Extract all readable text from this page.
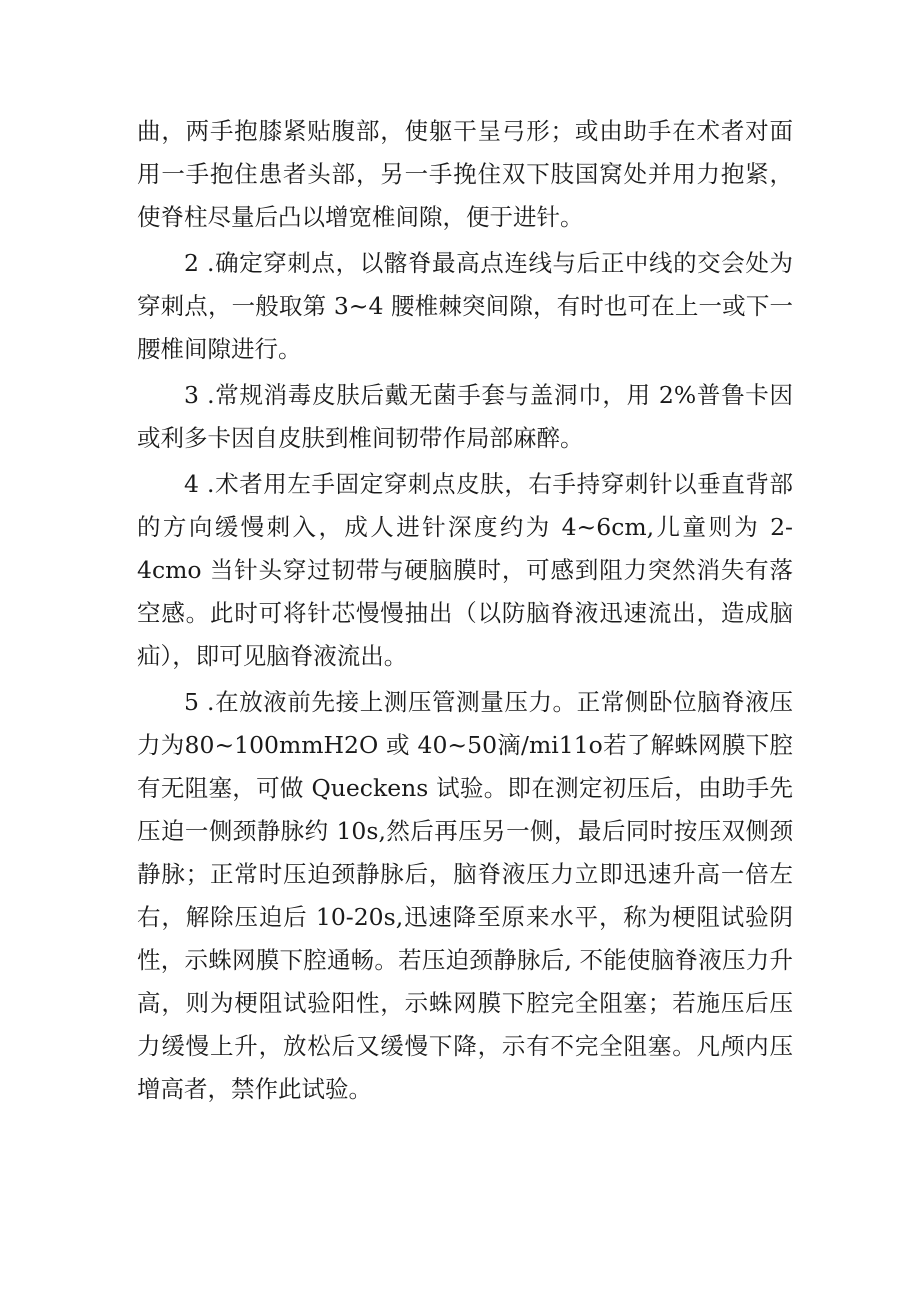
曲，两手抱膝紧贴腹部，使躯干呈弓形；或由助手在术者对面用一手抱住患者头部，另一手挽住双下肢国窝处并用力抱紧，使脊柱尽量后凸以增宽椎间隙，便于进针。

2 .确定穿刺点，以髂脊最高点连线与后正中线的交会处为穿刺点，一般取第 3~4 腰椎棘突间隙，有时也可在上一或下一腰椎间隙进行。

3 .常规消毒皮肤后戴无菌手套与盖洞巾，用 2%普鲁卡因或利多卡因自皮肤到椎间韧带作局部麻醉。

4 .术者用左手固定穿刺点皮肤，右手持穿刺针以垂直背部的方向缓慢刺入，成人进针深度约为 4~6cm,儿童则为 2-4cmo 当针头穿过韧带与硬脑膜时，可感到阻力突然消失有落空感。此时可将针芯慢慢抽出（以防脑脊液迅速流出，造成脑疝），即可见脑脊液流出。

5 .在放液前先接上测压管测量压力。正常侧卧位脑脊液压力为80~100mmH2O 或 40~50滴/mi11o若了解蛛网膜下腔有无阻塞，可做 Queckens 试验。即在测定初压后，由助手先压迫一侧颈静脉约 10s,然后再压另一侧，最后同时按压双侧颈静脉；正常时压迫颈静脉后，脑脊液压力立即迅速升高一倍左右，解除压迫后 10-20s,迅速降至原来水平，称为梗阻试验阴性，示蛛网膜下腔通畅。若压迫颈静脉后, 不能使脑脊液压力升高，则为梗阻试验阳性，示蛛网膜下腔完全阻塞；若施压后压力缓慢上升，放松后又缓慢下降，示有不完全阻塞。凡颅内压增高者，禁作此试验。
